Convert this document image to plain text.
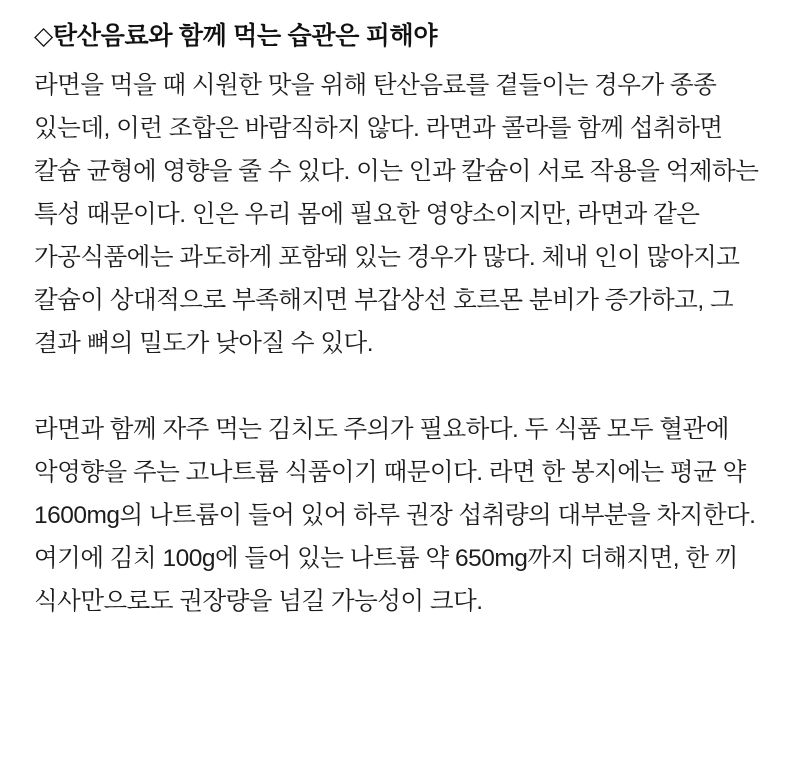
◇탄산음료와 함께 먹는 습관은 피해야

라면을 먹을 때 시원한 맛을 위해 탄산음료를 곁들이는 경우가 종종 있는데, 이런 조합은 바람직하지 않다. 라면과 콜라를 함께 섭취하면 칼슘 균형에 영향을 줄 수 있다. 이는 인과 칼슘이 서로 작용을 억제하는 특성 때문이다. 인은 우리 몸에 필요한 영양소이지만, 라면과 같은 가공식품에는 과도하게 포함돼 있는 경우가 많다. 체내 인이 많아지고 칼슘이 상대적으로 부족해지면 부갑상선 호르몬 분비가 증가하고, 그 결과 뼈의 밀도가 낮아질 수 있다.

라면과 함께 자주 먹는 김치도 주의가 필요하다. 두 식품 모두 혈관에 악영향을 주는 고나트륨 식품이기 때문이다. 라면 한 봉지에는 평균 약 1600mg의 나트륨이 들어 있어 하루 권장 섭취량의 대부분을 차지한다. 여기에 김치 100g에 들어 있는 나트륨 약 650mg까지 더해지면, 한 끼 식사만으로도 권장량을 넘길 가능성이 크다.
